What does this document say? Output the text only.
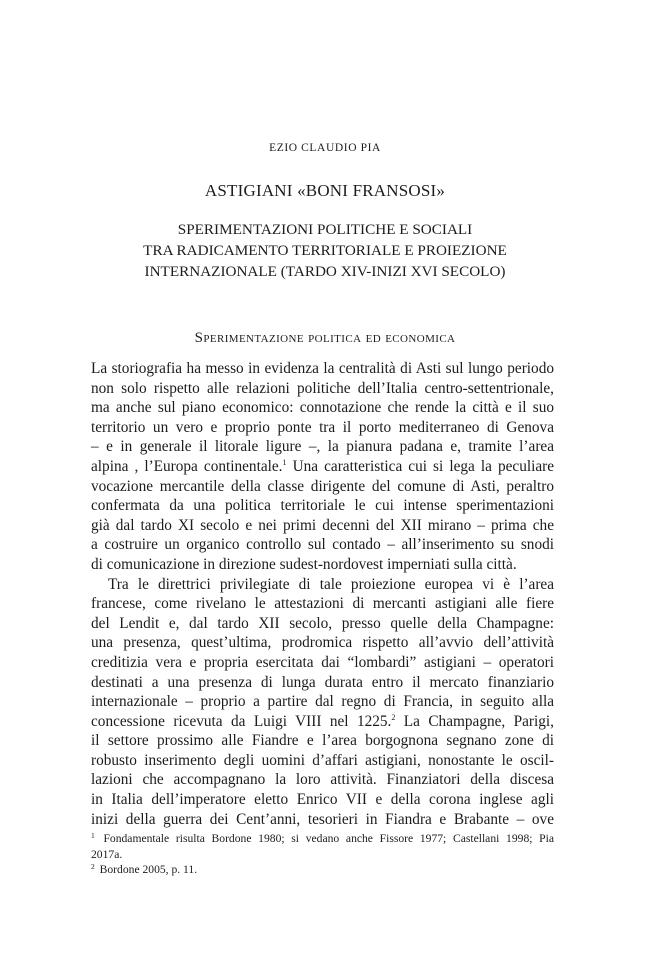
EZIO CLAUDIO PIA
ASTIGIANI «BONI FRANSOSI»
SPERIMENTAZIONI POLITICHE E SOCIALI
TRA RADICAMENTO TERRITORIALE E PROIEZIONE
INTERNAZIONALE (TARDO XIV-INIZI XVI SECOLO)
Sperimentazione politica ed economica
La storiografia ha messo in evidenza la centralità di Asti sul lungo periodo
non solo rispetto alle relazioni politiche dell’Italia centro-settentrionale,
ma anche sul piano economico: connotazione che rende la città e il suo
territorio un vero e proprio ponte tra il porto mediterraneo di Genova
– e in generale il litorale ligure –, la pianura padana e, tramite l’area
alpina , l’Europa continentale.$^1$ Una caratteristica cui si lega la peculiare
vocazione mercantile della classe dirigente del comune di Asti, peraltro
confermata da una politica territoriale le cui intense sperimentazioni
già dal tardo XI secolo e nei primi decenni del XII mirano – prima che
a costruire un organico controllo sul contado – all’inserimento su snodi
di comunicazione in direzione sudest-nordovest imperniati sulla città.
Tra le direttrici privilegiate di tale proiezione europea vi è l’area
francese, come rivelano le attestazioni di mercanti astigiani alle fiere
del Lendit e, dal tardo XII secolo, presso quelle della Champagne:
una presenza, quest’ultima, prodromica rispetto all’avvio dell’attività
creditizia vera e propria esercitata dai “lombardi” astigiani – operatori
destinati a una presenza di lunga durata entro il mercato finanziario
internazionale – proprio a partire dal regno di Francia, in seguito alla
concessione ricevuta da Luigi VIII nel 1225.$^2$ La Champagne, Parigi,
il settore prossimo alle Fiandre e l’area borgognona segnano zone di
robusto inserimento degli uomini d’affari astigiani, nonostante le oscil-
lazioni che accompagnano la loro attività. Finanziatori della discesa
in Italia dell’imperatore eletto Enrico VII e della corona inglese agli
inizi della guerra dei Cent’anni, tesorieri in Fiandra e Brabante – ove
$^1$ Fondamentale risulta Bordone 1980; si vedano anche Fissore 1977; Castellani 1998; Pia
2017a.
$^2$ Bordone 2005, p. 11.
